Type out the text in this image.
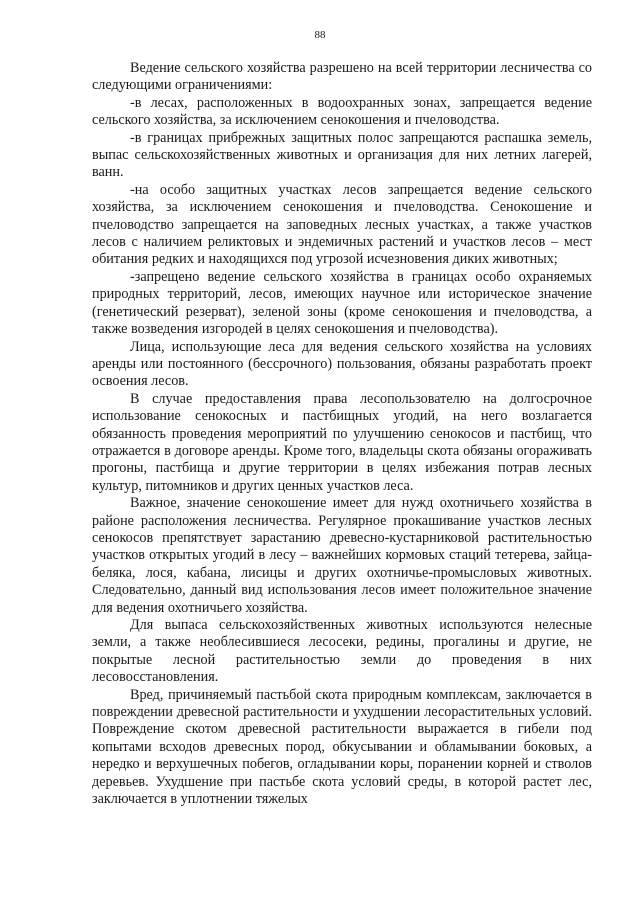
88

Ведение сельского хозяйства разрешено на всей территории лесничества со следующими ограничениями:

-в лесах, расположенных в водоохранных зонах, запрещается ведение сельского хозяйства, за исключением сенокошения и пчеловодства.

-в границах прибрежных защитных полос запрещаются распашка земель, выпас сельскохозяйственных животных и организация для них летних лагерей, ванн.

-на особо защитных участках лесов запрещается ведение сельского хозяйства, за исключением сенокошения и пчеловодства. Сенокошение и пчеловодство запрещается на заповедных лесных участках, а также участков лесов с наличием реликтовых и эндемичных растений и участков лесов – мест обитания редких и находящихся под угрозой исчезновения диких животных;

-запрещено ведение сельского хозяйства в границах особо охраняемых природных территорий, лесов, имеющих научное или историческое значение (генетический резерват), зеленой зоны (кроме сенокошения и пчеловодства, а также возведения изгородей в целях сенокошения и пчеловодства).

Лица, использующие леса для ведения сельского хозяйства на условиях аренды или постоянного (бессрочного) пользования, обязаны разработать проект освоения лесов.

В случае предоставления права лесопользователю на долгосрочное использование сенокосных и пастбищных угодий, на него возлагается обязанность проведения мероприятий по улучшению сенокосов и пастбищ, что отражается в договоре аренды. Кроме того, владельцы скота обязаны огораживать прогоны, пастбища и другие территории в целях избежания потрав лесных культур, питомников и других ценных участков леса.

Важное, значение сенокошение имеет для нужд охотничьего хозяйства в районе расположения лесничества. Регулярное прокашивание участков лесных сенокосов препятствует зарастанию древесно-кустарниковой растительностью участков открытых угодий в лесу – важнейших кормовых стаций тетерева, зайца-беляка, лося, кабана, лисицы и других охотничье-промысловых животных. Следовательно, данный вид использования лесов имеет положительное значение для ведения охотничьего хозяйства.

Для выпаса сельскохозяйственных животных используются нелесные земли, а также необлесившиеся лесосеки, редины, прогалины и другие, не покрытые лесной растительностью земли до проведения в них лесовосстановления.

Вред, причиняемый пастьбой скота природным комплексам, заключается в повреждении древесной растительности и ухудшении лесорастительных условий. Повреждение скотом древесной растительности выражается в гибели под копытами всходов древесных пород, обкусывании и обламывании боковых, а нередко и верхушечных побегов, огладывании коры, поранении корней и стволов деревьев. Ухудшение при пастьбе скота условий среды, в которой растет лес, заключается в уплотнении тяжелых
